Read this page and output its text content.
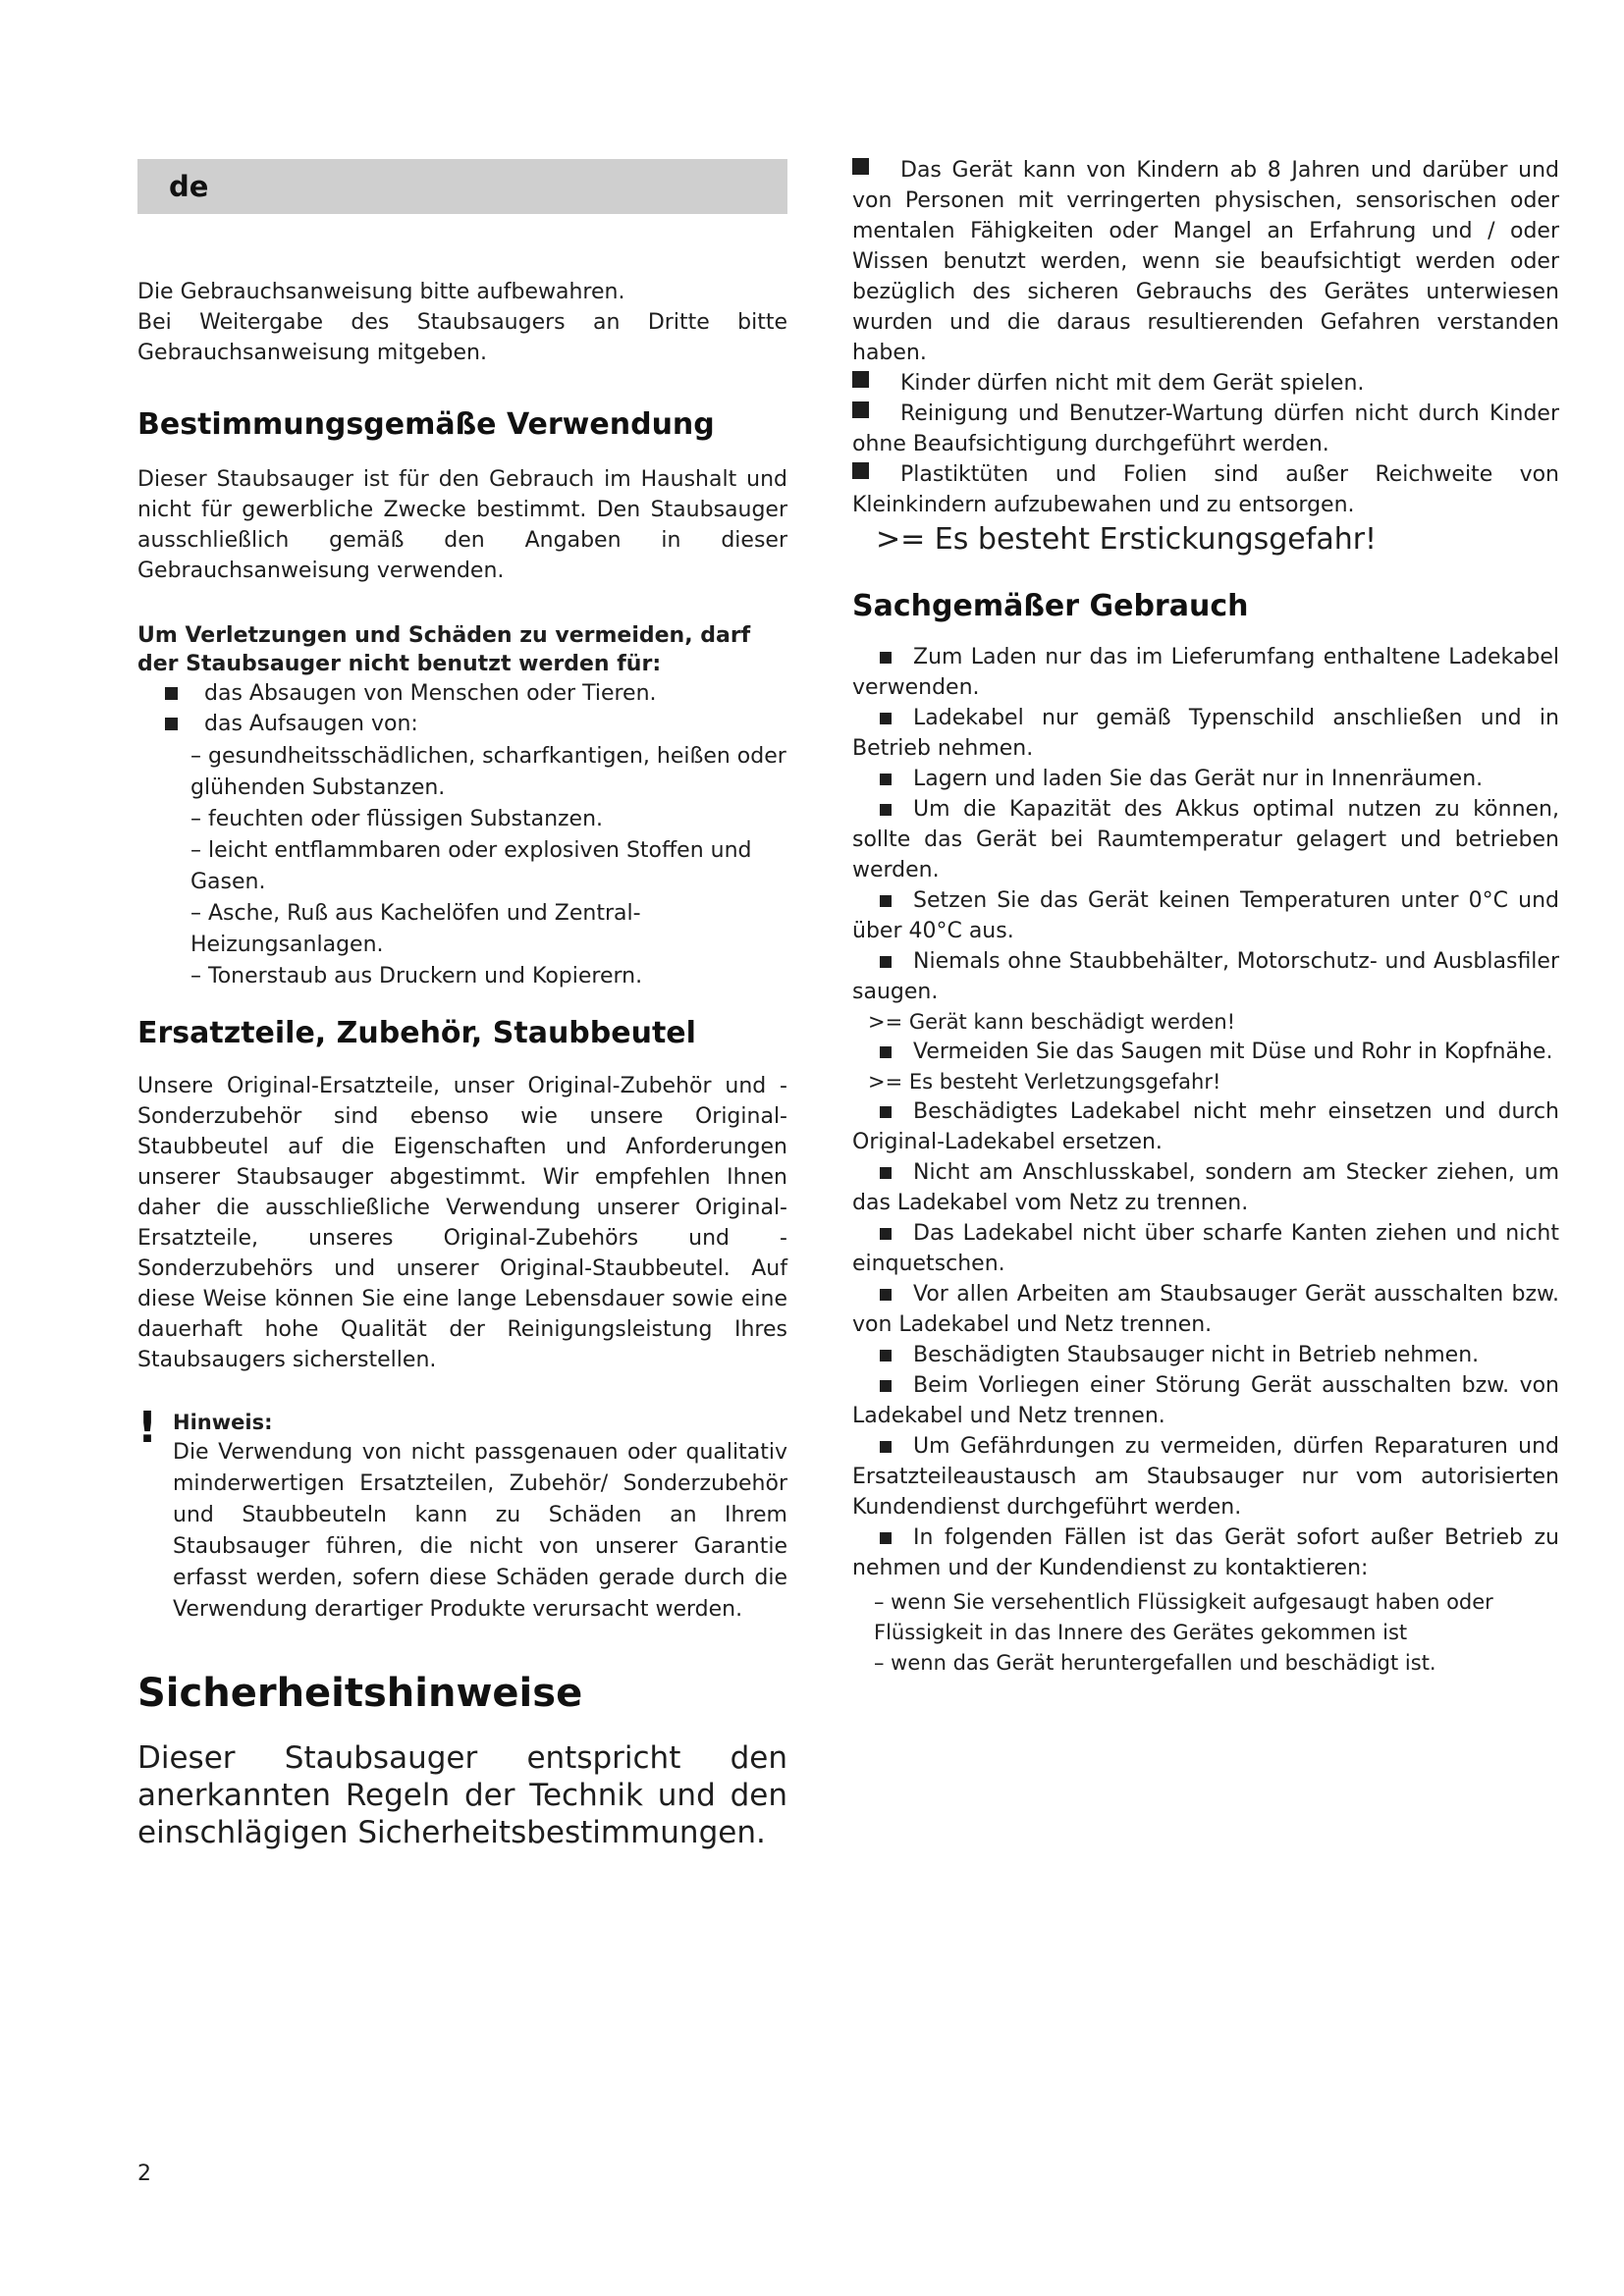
de

Die Gebrauchsanweisung bitte aufbewahren.

Bei Weitergabe des Staubsaugers an Dritte bitte Gebrauchsanweisung mitgeben.

Bestimmungsgemäße Verwendung

Dieser Staubsauger ist für den Gebrauch im Haushalt und nicht für gewerbliche Zwecke bestimmt. Den Staubsauger ausschließlich gemäß den Angaben in dieser Gebrauchsanweisung verwenden.

Um Verletzungen und Schäden zu vermeiden, darf der Staubsauger nicht benutzt werden für:

das Absaugen von Menschen oder Tieren.
das Aufsaugen von:

– gesundheitsschädlichen, scharfkantigen, heißen oder glühenden Substanzen.

– feuchten oder flüssigen Substanzen.

– leicht entflammbaren oder explosiven Stoffen und Gasen.

– Asche, Ruß aus Kachelöfen und Zentral- Heizungsanlagen.

– Tonerstaub aus Druckern und Kopierern.

Ersatzteile, Zubehör, Staubbeutel

Unsere Original-Ersatzteile, unser Original-Zubehör und -Sonderzubehör sind ebenso wie unsere Original-Staubbeutel auf die Eigenschaften und Anforderungen unserer Staubsauger abgestimmt. Wir empfehlen Ihnen daher die ausschließliche Verwendung unserer Original-Ersatzteile, unseres Original-Zubehörs und -Sonderzubehörs und unserer Original-Staubbeutel. Auf diese Weise können Sie eine lange Lebensdauer sowie eine dauerhaft hohe Qualität der Reinigungsleistung Ihres Staubsaugers sicherstellen.

! Hinweis:

Die Verwendung von nicht passgenauen oder qualitativ minderwertigen Ersatzteilen, Zubehör/ Sonderzubehör und Staubbeuteln kann zu Schäden an Ihrem Staubsauger führen, die nicht von unserer Garantie erfasst werden, sofern diese Schäden gerade durch die Verwendung derartiger Produkte verursacht werden.

Sicherheitshinweise

Dieser Staubsauger entspricht den anerkannten Regeln der Technik und den einschlägigen Sicherheitsbestimmungen.

Das Gerät kann von Kindern ab 8 Jahren und darüber und von Personen mit verringerten physischen, sensorischen oder mentalen Fähigkeiten oder Mangel an Erfahrung und / oder Wissen benutzt werden, wenn sie beaufsichtigt werden oder bezüglich des sicheren Gebrauchs des Gerätes unterwiesen wurden und die daraus resultierenden Gefahren verstanden haben.
Kinder dürfen nicht mit dem Gerät spielen.
Reinigung und Benutzer-Wartung dürfen nicht durch Kinder ohne Beaufsichtigung durchgeführt werden.
Plastiktüten und Folien sind außer Reichweite von Kleinkindern aufzubewahen und zu entsorgen.

>= Es besteht Erstickungsgefahr!

Sachgemäßer Gebrauch
Zum Laden nur das im Lieferumfang enthaltene Ladekabel verwenden.
Ladekabel nur gemäß Typenschild anschließen und in Betrieb nehmen.
Lagern und laden Sie das Gerät nur in Innenräumen.
Um die Kapazität des Akkus optimal nutzen zu können, sollte das Gerät bei Raumtemperatur gelagert und betrieben werden.
Setzen Sie das Gerät keinen Temperaturen unter 0°C und über 40°C aus.
Niemals ohne Staubbehälter, Motorschutz- und Ausblasfiler saugen.

>= Gerät kann beschädigt werden!

Vermeiden Sie das Saugen mit Düse und Rohr in Kopfnähe.

>= Es besteht Verletzungsgefahr!

Beschädigtes Ladekabel nicht mehr einsetzen und durch Original-Ladekabel ersetzen.
Nicht am Anschlusskabel, sondern am Stecker ziehen, um das Ladekabel vom Netz zu trennen.
Das Ladekabel nicht über scharfe Kanten ziehen und nicht einquetschen.
Vor allen Arbeiten am Staubsauger Gerät ausschalten bzw. von Ladekabel und Netz trennen.
Beschädigten Staubsauger nicht in Betrieb nehmen.
Beim Vorliegen einer Störung Gerät ausschalten bzw. von Ladekabel und Netz trennen.
Um Gefährdungen zu vermeiden, dürfen Reparaturen und Ersatzteileaustausch am Staubsauger nur vom autorisierten Kundendienst durchgeführt werden.
In folgenden Fällen ist das Gerät sofort außer Betrieb zu nehmen und der Kundendienst zu kontaktieren:

– wenn Sie versehentlich Flüssigkeit aufgesaugt haben oder Flüssigkeit in das Innere des Gerätes gekommen ist

– wenn das Gerät heruntergefallen und beschädigt ist.

2
